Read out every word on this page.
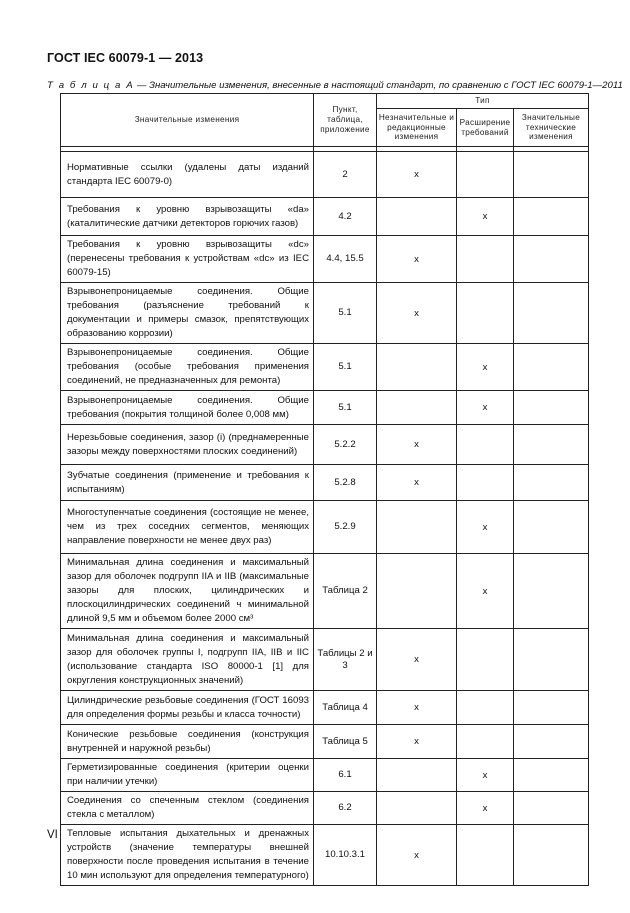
ГОСТ IEC 60079-1 — 2013
Т а б л и ц а А — Значительные изменения, внесенные в настоящий стандарт, по сравнению с ГОСТ IEC 60079-1—2011
Значительные изменения	Пункт, таблица, приложение	Тип		
		Незначительные и редакционные изменения	Расширение требований	Значительные технические изменения

Нормативные ссылки (удалены даты изданий стандарта IEC 60079-0)	2	x		
Требования к уровню взрывозащиты «da» (каталитические датчики детекторов горючих газов)	4.2		x	
Требования к уровню взрывозащиты «dc» (перенесены требования к устройствам «dc» из IEC 60079-15)	4.4, 15.5	x		
Взрывонепроницаемые соединения. Общие требования (разъяснение требований к документации и примеры смазок, препятствующих образованию коррозии)	5.1	x		
Взрывонепроницаемые соединения. Общие требования (особые требования применения соединений, не предназначенных для ремонта)	5.1		x	
Взрывонепроницаемые соединения. Общие требования (покрытия толщиной более 0,008 мм)	5.1		x	
Нерезьбовые соединения, зазор (i) (преднамеренные зазоры между поверхностями плоских соединений)	5.2.2	x		
Зубчатые соединения (применение и требования к испытаниям)	5.2.8	x		
Многоступенчатые соединения (состоящие не менее, чем из трех соседних сегментов, меняющих направление поверхности не менее двух раз)	5.2.9		x	
Минимальная длина соединения и максимальный зазор для оболочек подгрупп IIA и IIB (максимальные зазоры для плоских, цилиндрических и плоскоцилиндрических соединений ч минимальной длиной 9,5 мм и объемом более 2000 см³	Таблица 2		x	
Минимальная длина соединения и максимальный зазор для оболочек группы I, подгрупп IIA, IIB и IIC (использование стандарта ISO 80000-1 [1] для округления конструкционных значений)	Таблицы 2 и 3	x		
Цилиндрические резьбовые соединения (ГОСТ 16093 для определения формы резьбы и класса точности)	Таблица 4	x		
Конические резьбовые соединения (конструкция внутренней и наружной резьбы)	Таблица 5	x		
Герметизированные соединения (критерии оценки при наличии утечки)	6.1		x	
Соединения со спеченным стеклом (соединения стекла с металлом)	6.2		x	
Тепловые испытания дыхательных и дренажных устройств (значение температуры внешней поверхности после проведения испытания в течение 10 мин используют для определения температурного)	10.10.3.1	x		
VI
